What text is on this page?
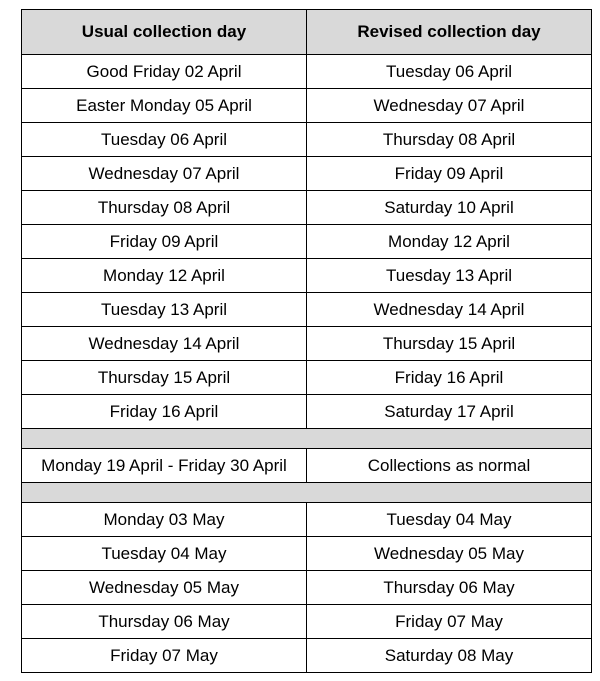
Usual collection day	Revised collection day
Good Friday 02 April	Tuesday 06 April
Easter Monday 05 April	Wednesday 07 April
Tuesday 06 April	Thursday 08 April
Wednesday 07 April	Friday 09 April
Thursday 08 April	Saturday 10 April
Friday 09 April	Monday 12 April
Monday 12 April	Tuesday 13 April
Tuesday 13 April	Wednesday 14 April
Wednesday 14 April	Thursday 15 April
Thursday 15 April	Friday 16 April
Friday 16 April	Saturday 17 April

Monday 19 April - Friday 30 April	Collections as normal

Monday 03 May	Tuesday 04 May
Tuesday 04 May	Wednesday 05 May
Wednesday 05 May	Thursday 06 May
Thursday 06 May	Friday 07 May
Friday 07 May	Saturday 08 May
